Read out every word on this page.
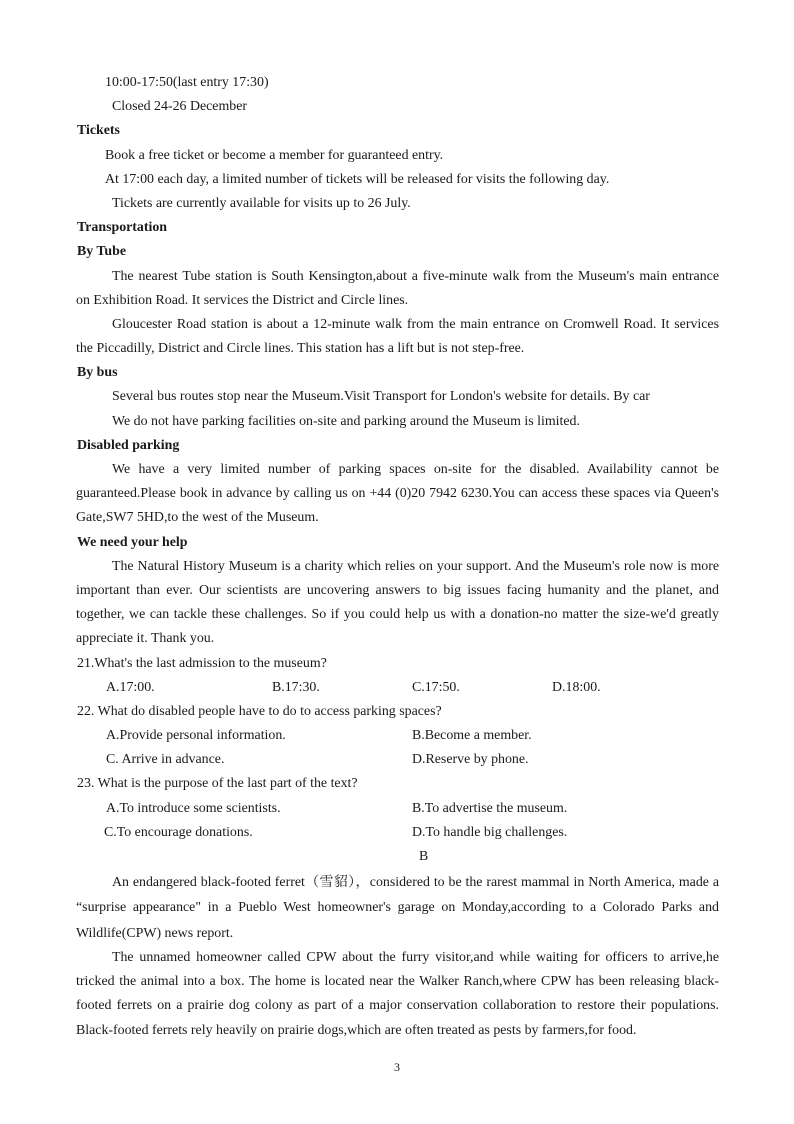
10:00-17:50(last entry 17:30)
Closed 24-26 December
Tickets
Book a free ticket or become a member for guaranteed entry.
At 17:00 each day, a limited number of tickets will be released for visits the following day.
Tickets are currently available for visits up to 26 July.
Transportation
By Tube
The nearest Tube station is South Kensington,about a five-minute walk from the Museum's main entrance
on Exhibition Road. It services the District and Circle lines.
Gloucester Road station is about a 12-minute walk from the main entrance on Cromwell Road. It services
the Piccadilly, District and Circle lines. This station has a lift but is not step-free.
By bus
Several bus routes stop near the Museum.Visit Transport for London's website for details. By car
We do not have parking facilities on-site and parking around the Museum is limited.
Disabled parking
We have a very limited number of parking spaces on-site for the disabled. Availability cannot be
guaranteed.Please book in advance by calling us on +44 (0)20 7942 6230.You can access these spaces via Queen's
Gate,SW7 5HD,to the west of the Museum.
We need your help
The Natural History Museum is a charity which relies on your support. And the Museum's role now is more
important than ever. Our scientists are uncovering answers to big issues facing humanity and the planet, and
together, we can tackle these challenges. So if you could help us with a donation-no matter the size-we'd greatly
appreciate it. Thank you.
21.What's the last admission to the museum?
A.17:00.	B.17:30.	C.17:50.	D.18:00.
22. What do disabled people have to do to access parking spaces?
A.Provide personal information.	B.Become a member.
C. Arrive in advance.	D.Reserve by phone.
23. What is the purpose of the last part of the text?
A.To introduce some scientists.	B.To advertise the museum.
C.To encourage donations.	D.To handle big challenges.
B
An endangered black-footed ferret（雪貂），considered to be the rarest mammal in North America, made a
“surprise appearance" in a Pueblo West homeowner's garage on Monday,according to a Colorado Parks and
Wildlife(CPW) news report.
The unnamed homeowner called CPW about the furry visitor,and while waiting for officers to arrive,he
tricked the animal into a box. The home is located near the Walker Ranch,where CPW has been releasing black-
footed ferrets on a prairie dog colony as part of a major conservation collaboration to restore their populations.
Black-footed ferrets rely heavily on prairie dogs,which are often treated as pests by farmers,for food.
3
